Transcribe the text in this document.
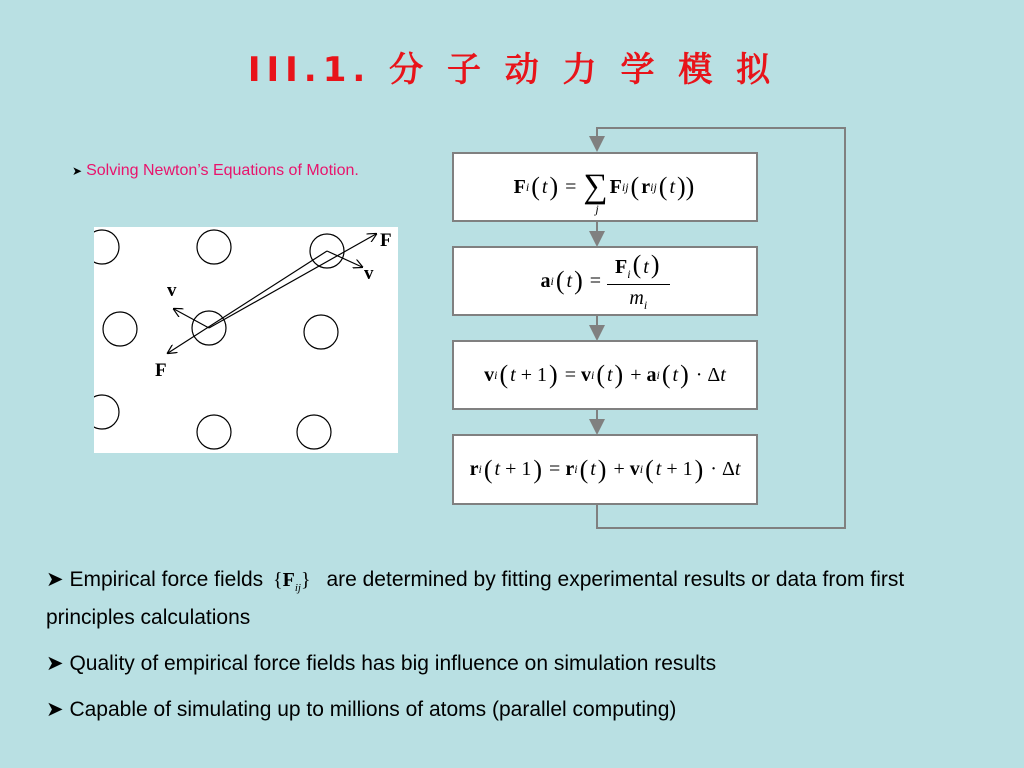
III.1. 分 子 动 力 学 模 拟
➤ Solving Newton’s Equations of Motion.
F
v
v
F
F i ( t ) = ∑
j
F ij ( r ij ( t ))
a i ( t ) = $\frac{F_i( t)}{m_i}$
v i ( t + 1 ) = v i ( t ) + a i ( t ) · Δ t
r i ( t + 1 ) = r i ( t ) + v i ( t + 1 ) · Δ t

➤ Empirical force fields $\{F_{ij}\}$ are determined by fitting experimental results or data from first principles calculations

➤ Quality of empirical force fields has big influence on simulation results

➤ Capable of simulating up to millions of atoms (parallel computing)
